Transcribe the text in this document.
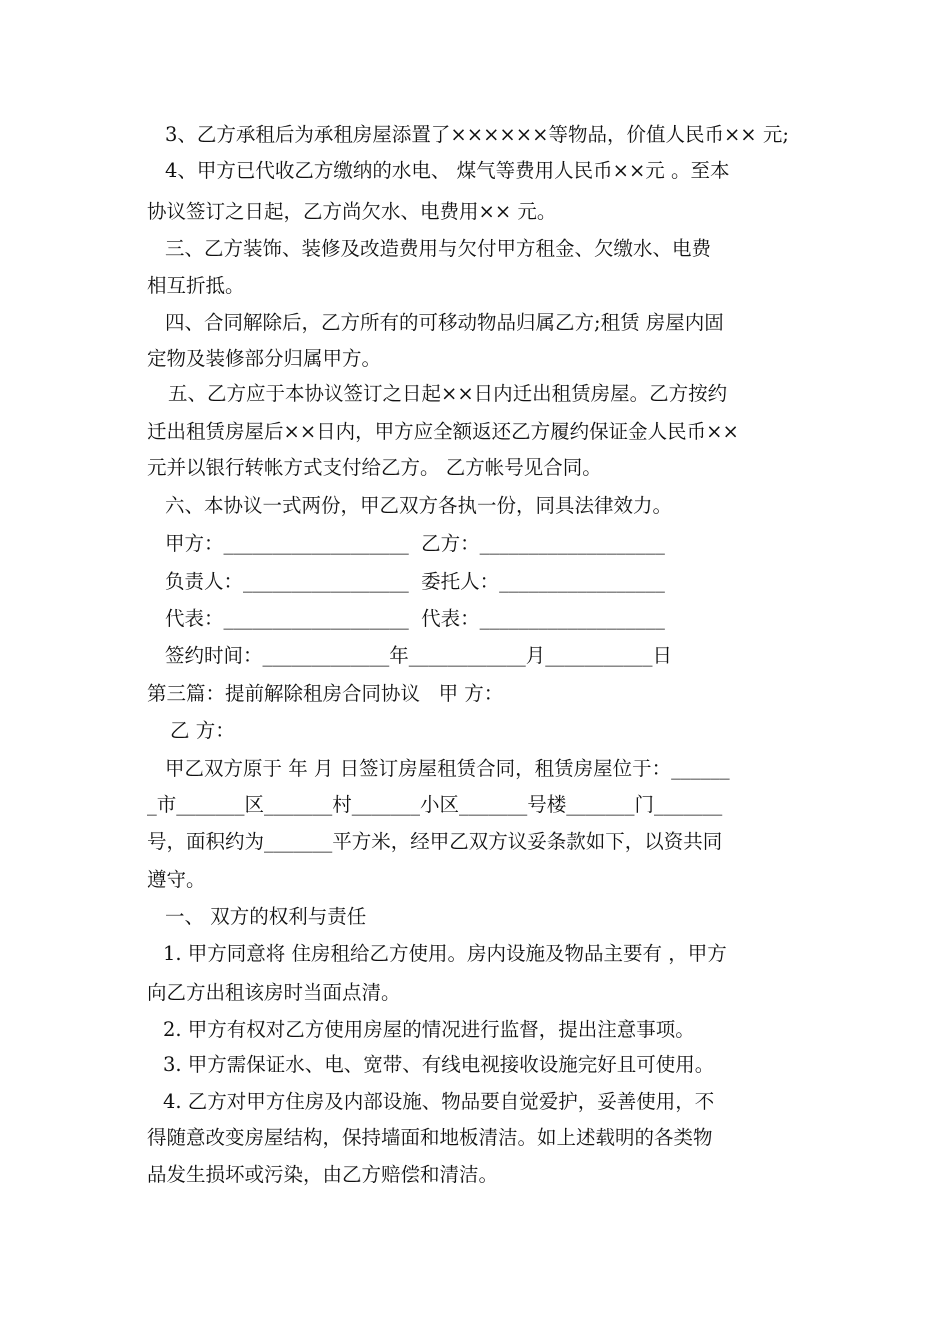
3、乙方承租后为承租房屋添置了××××××等物品，价值人民币×× 元;
4、甲方已代收乙方缴纳的水电、 煤气等费用人民币××元 。至本
协议签订之日起，乙方尚欠水、电费用×× 元。
三、乙方装饰、装修及改造费用与欠付甲方租金、欠缴水、电费
相互折抵。
四、合同解除后，乙方所有的可移动物品归属乙方;租赁 房屋内固
定物及装修部分归属甲方。
五、乙方应于本协议签订之日起××日内迁出租赁房屋。乙方按约
迁出租赁房屋后××日内，甲方应全额返还乙方履约保证金人民币××
元并以银行转帐方式支付给乙方。 乙方帐号见合同。
六、本协议一式两份，甲乙双方各执一份，同具法律效力。
甲方：___________________  乙方：___________________
负责人：_________________  委托人：_________________
代表：___________________  代表：___________________
签约时间：_____________年____________月___________日
第三篇：提前解除租房合同协议   甲 方：
乙 方：
甲乙双方原于 年 月 日签订房屋租赁合同，租赁房屋位于：______
_市_______区_______村_______小区_______号楼_______门_______
号，面积约为_______平方米，经甲乙双方议妥条款如下，以资共同
遵守。
一、 双方的权利与责任
1. 甲方同意将 住房租给乙方使用。房内设施及物品主要有 ，甲方
向乙方出租该房时当面点清。
2. 甲方有权对乙方使用房屋的情况进行监督，提出注意事项。
3. 甲方需保证水、电、宽带、有线电视接收设施完好且可使用。
4. 乙方对甲方住房及内部设施、物品要自觉爱护，妥善使用，不
得随意改变房屋结构，保持墙面和地板清洁。如上述载明的各类物
品发生损坏或污染，由乙方赔偿和清洁。
